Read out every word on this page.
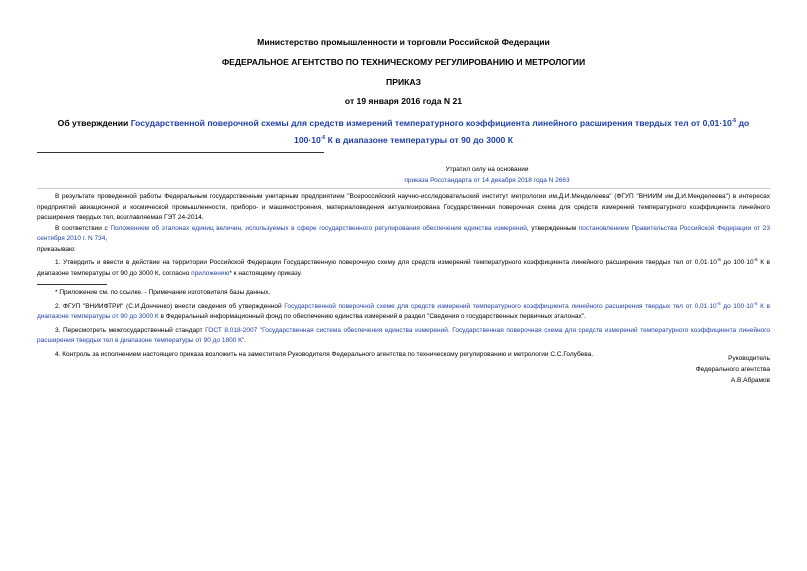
Министерство промышленности и торговли Российской Федерации
ФЕДЕРАЛЬНОЕ АГЕНТСТВО ПО ТЕХНИЧЕСКОМУ РЕГУЛИРОВАНИЮ И МЕТРОЛОГИИ
ПРИКАЗ
от 19 января 2016 года N 21
Об утверждении Государственной поверочной схемы для средств измерений температурного коэффициента линейного расширения твердых тел от $0,01\cdot 10^{-6}$ до
$100\cdot 10^{-6}$ К в диапазоне температуры от 90 до 3000 К
Утратил силу на основании
приказа Росстандарта от 14 декабря 2018 года N 2663

В результате проведенной работы Федеральным государственным унитарным предприятием "Всероссийский научно-исследовательский институт метрологии им.Д.И.Менделеева" (ФГУП "ВНИИМ им.Д.И.Менделеева") в интересах предприятий авиационной и космической промышленности, приборо- и машиностроения, материаловедения актуализирована Государственная поверочная схема для средств измерений температурного коэффициента линейного расширения твердых тел, возглавляемая ГЭТ 24-2014.

В соответствии с Положением об эталонах единиц величин, используемых в сфере государственного регулирования обеспечения единства измерений, утвержденным постановлением Правительства Российской Федерации от 23 сентября 2010 г. N 734,

приказываю:

1. Утвердить и ввести в действие на территории Российской Федерации Государственную поверочную схему для средств измерений температурного коэффициента линейного расширения твердых тел от $0,01\cdot 10^{-6}$ до $100\cdot 10^{-6}$ К в диапазоне температуры от 90 до 3000 К, согласно приложению* к настоящему приказу.

* Приложение см. по ссылке. - Примечание изготовителя базы данных.

2. ФГУП "ВНИИФТРИ" (С.И.Донченко) внести сведения об утвержденной Государственной поверочной схеме для средств измерений температурного коэффициента линейного расширения твердых тел от $0,01\cdot 10^{-6}$ до $100\cdot 10^{-6}$ К в диапазоне температуры от 90 до 3000 К в Федеральный информационный фонд по обеспечению единства измерений в раздел "Сведения о государственных первичных эталонах".

3. Пересмотреть межгосударственный стандарт ГОСТ 8.018-2007 "Государственная система обеспечения единства измерений. Государственная поверочная схема для средств измерений температурного коэффициента линейного расширения твердых тел в диапазоне температуры от 90 до 1800 К".

4. Контроль за исполнением настоящего приказа возложить на заместителя Руководителя Федерального агентства по техническому регулированию и метрологии С.С.Голубева.

Руководитель
Федерального агентства
А.В.Абрамов
